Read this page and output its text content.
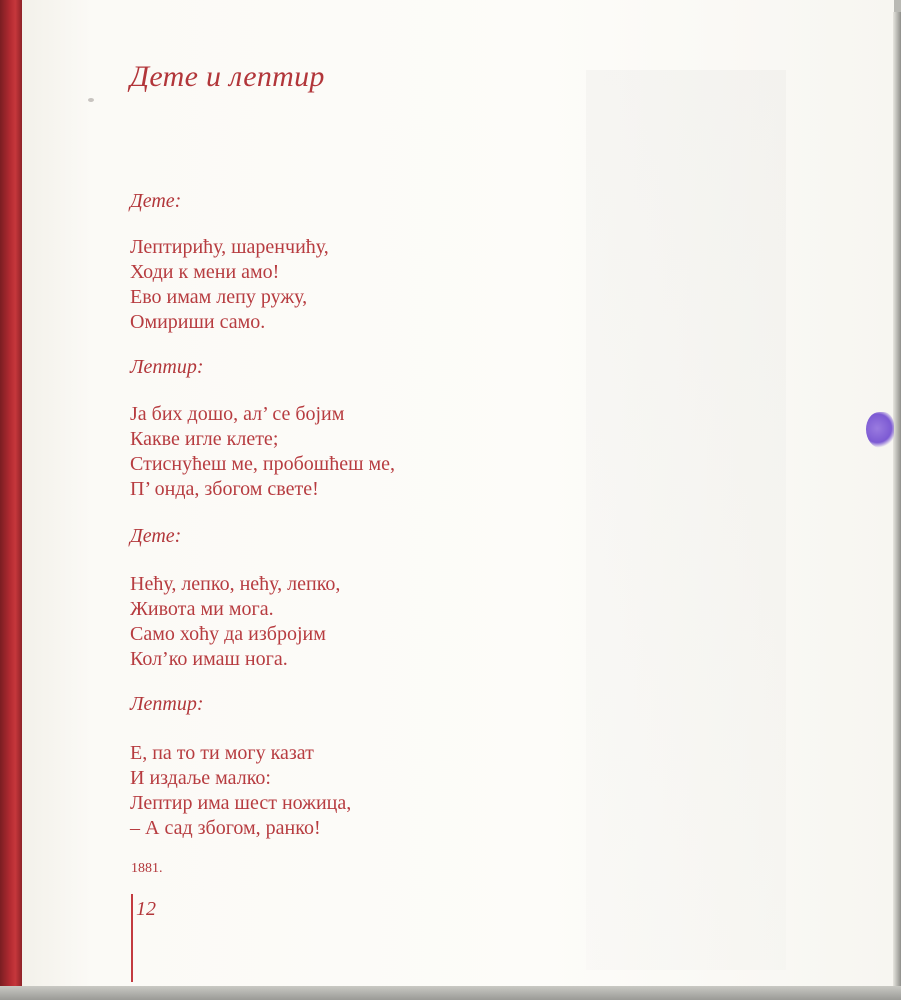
Дете и лептир

Дете:

Лептирићу, шаренчићу,
Ходи к мени амо!
Ево имам лепу ружу,
Омириши само.

Лептир:

Ја бих дошо, ал’ се бојим
Какве игле клете;
Стиснућеш ме, пробошћеш ме,
П’ онда, збогом свете!

Дете:

Нећу, лепко, нећу, лепко,
Живота ми мога.
Само хоћу да избројим
Кол’ко имаш нога.

Лептир:

Е, па то ти могу казат
И издаље малко:
Лептир има шест ножица,
– А сад збогом, ранко!

1881.

12
